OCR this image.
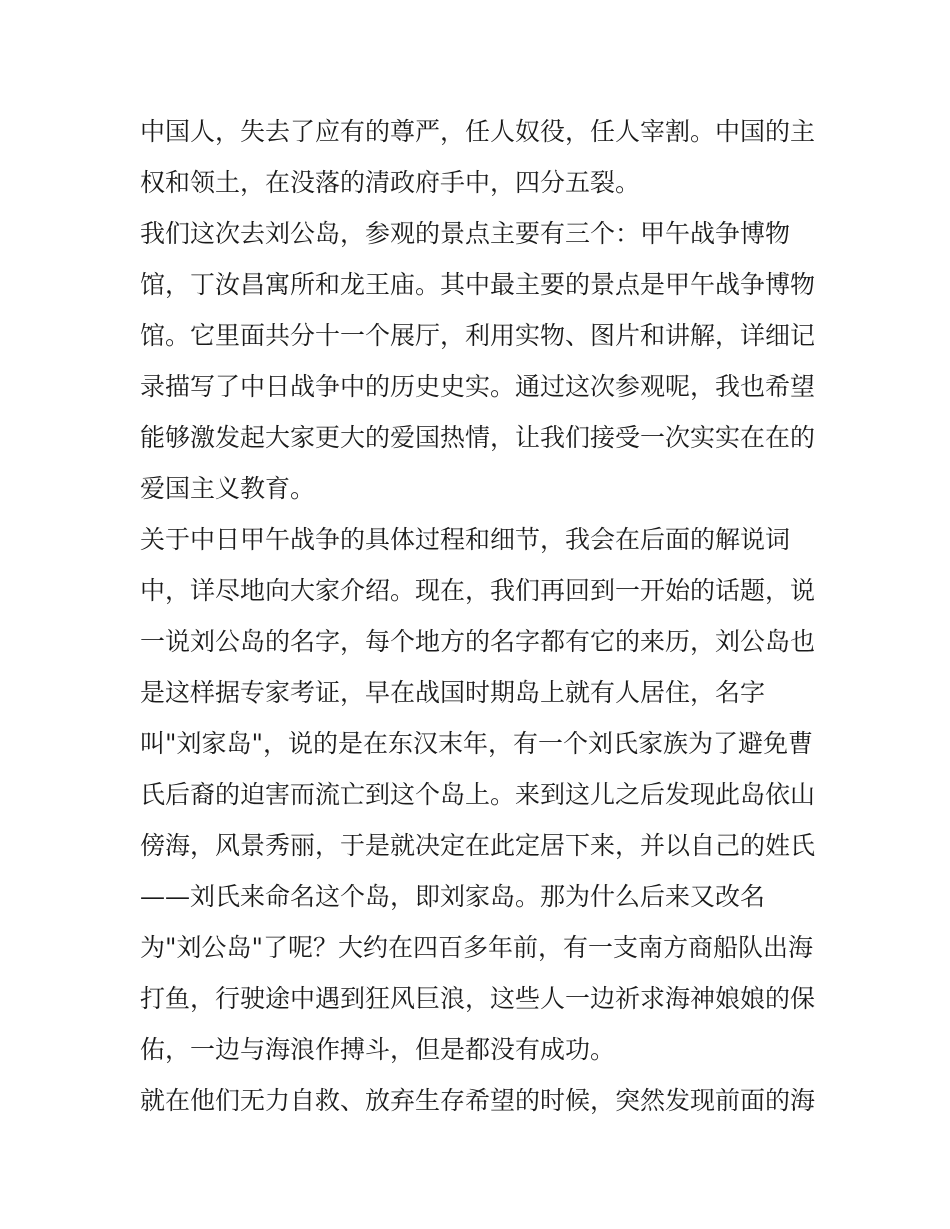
中国人，失去了应有的尊严，任人奴役，任人宰割。中国的主
权和领土，在没落的清政府手中，四分五裂。
我们这次去刘公岛，参观的景点主要有三个：甲午战争博物
馆，丁汝昌寓所和龙王庙。其中最主要的景点是甲午战争博物
馆。它里面共分十一个展厅，利用实物、图片和讲解，详细记
录描写了中日战争中的历史史实。通过这次参观呢，我也希望
能够激发起大家更大的爱国热情，让我们接受一次实实在在的
爱国主义教育。
关于中日甲午战争的具体过程和细节，我会在后面的解说词
中，详尽地向大家介绍。现在，我们再回到一开始的话题，说
一说刘公岛的名字，每个地方的名字都有它的来历，刘公岛也
是这样据专家考证，早在战国时期岛上就有人居住，名字
叫"刘家岛"，说的是在东汉末年，有一个刘氏家族为了避免曹
氏后裔的迫害而流亡到这个岛上。来到这儿之后发现此岛依山
傍海，风景秀丽，于是就决定在此定居下来，并以自己的姓氏
——刘氏来命名这个岛，即刘家岛。那为什么后来又改名
为"刘公岛"了呢？大约在四百多年前，有一支南方商船队出海
打鱼，行驶途中遇到狂风巨浪，这些人一边祈求海神娘娘的保
佑，一边与海浪作搏斗，但是都没有成功。
就在他们无力自救、放弃生存希望的时候，突然发现前面的海
